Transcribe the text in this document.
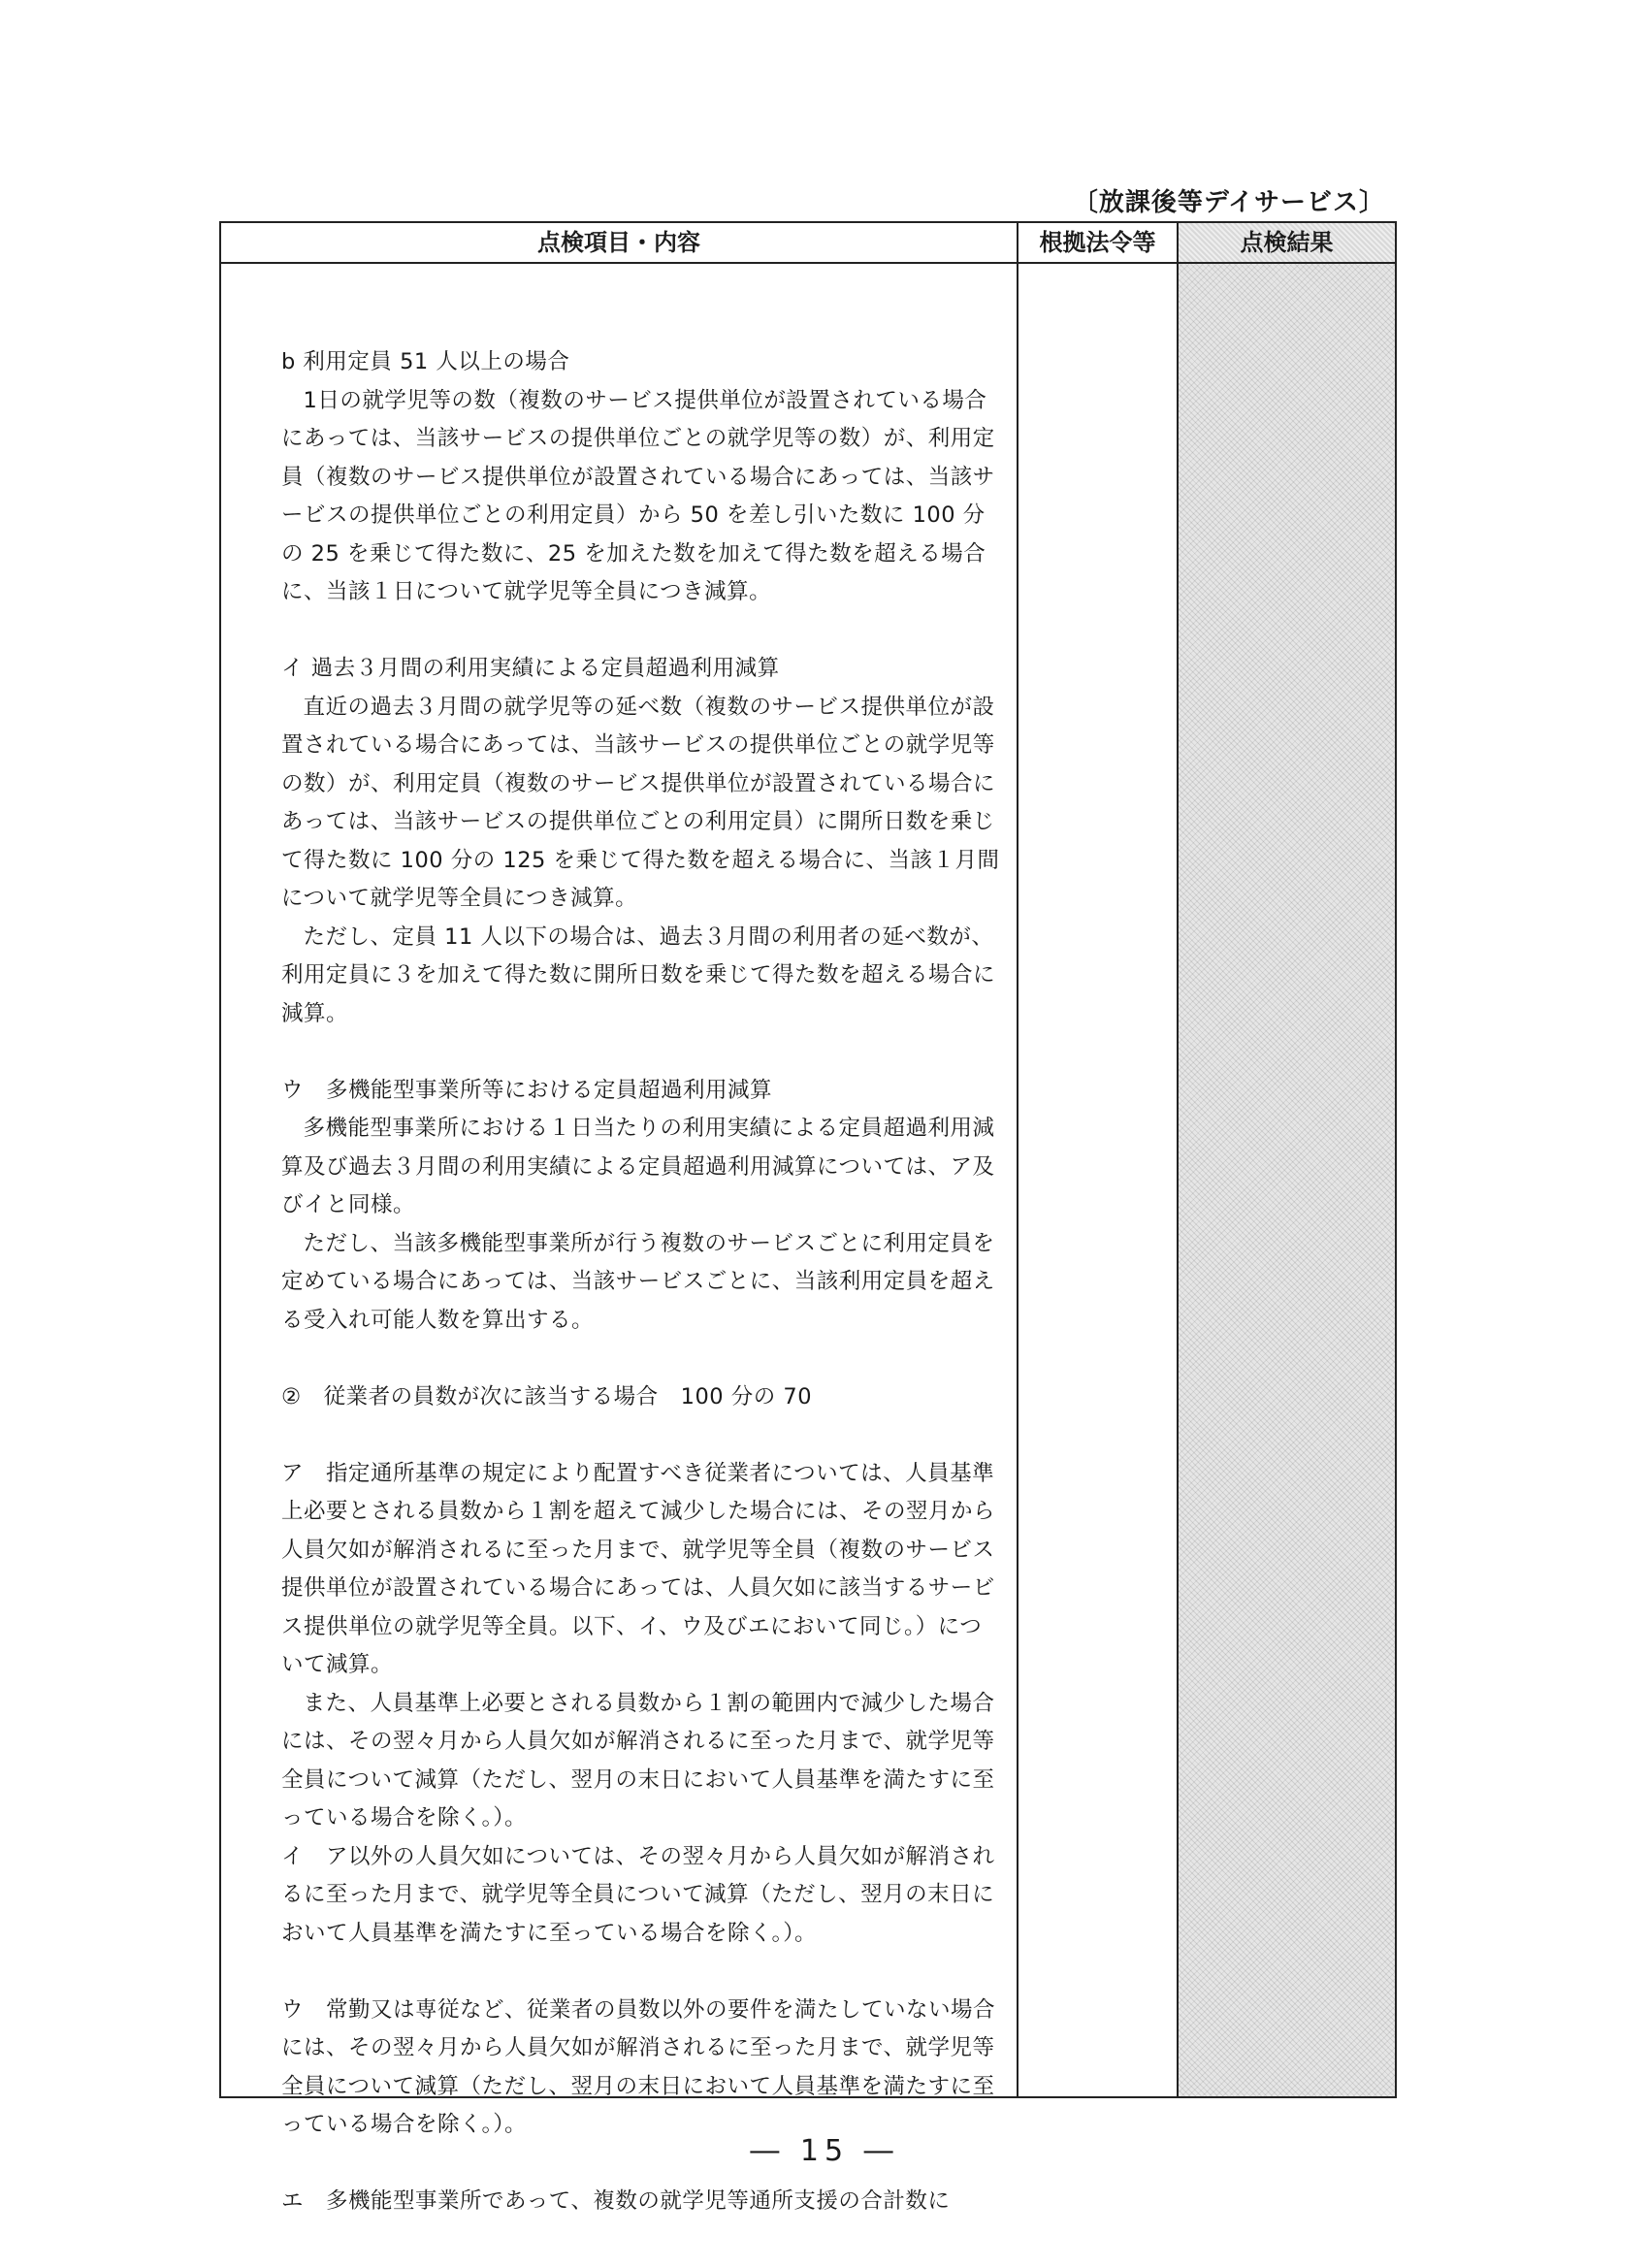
〔放課後等デイサービス〕
点検項目・内容	根拠法令等	点検結果

b 利用定員 51 人以上の場合

1日の就学児等の数（複数のサービス提供単位が設置されている場合にあっては、当該サービスの提供単位ごとの就学児等の数）が、利用定員（複数のサービス提供単位が設置されている場合にあっては、当該サービスの提供単位ごとの利用定員）から 50 を差し引いた数に 100 分の 25 を乗じて得た数に、25 を加えた数を加えて得た数を超える場合に、当該１日について就学児等全員につき減算。

イ 過去３月間の利用実績による定員超過利用減算

直近の過去３月間の就学児等の延べ数（複数のサービス提供単位が設置されている場合にあっては、当該サービスの提供単位ごとの就学児等の数）が、利用定員（複数のサービス提供単位が設置されている場合にあっては、当該サービスの提供単位ごとの利用定員）に開所日数を乗じて得た数に 100 分の 125 を乗じて得た数を超える場合に、当該１月間について就学児等全員につき減算。

ただし、定員 11 人以下の場合は、過去３月間の利用者の延べ数が、利用定員に３を加えて得た数に開所日数を乗じて得た数を超える場合に減算。

ウ　多機能型事業所等における定員超過利用減算

多機能型事業所における１日当たりの利用実績による定員超過利用減算及び過去３月間の利用実績による定員超過利用減算については、ア及びイと同様。

ただし、当該多機能型事業所が行う複数のサービスごとに利用定員を定めている場合にあっては、当該サービスごとに、当該利用定員を超える受入れ可能人数を算出する。

②　従業者の員数が次に該当する場合　100 分の 70

ア　指定通所基準の規定により配置すべき従業者については、人員基準上必要とされる員数から１割を超えて減少した場合には、その翌月から人員欠如が解消されるに至った月まで、就学児等全員（複数のサービス提供単位が設置されている場合にあっては、人員欠如に該当するサービス提供単位の就学児等全員。以下、イ、ウ及びエにおいて同じ。）について減算。

また、人員基準上必要とされる員数から１割の範囲内で減少した場合には、その翌々月から人員欠如が解消されるに至った月まで、就学児等全員について減算（ただし、翌月の末日において人員基準を満たすに至っている場合を除く。）。

イ　ア以外の人員欠如については、その翌々月から人員欠如が解消されるに至った月まで、就学児等全員について減算（ただし、翌月の末日において人員基準を満たすに至っている場合を除く。）。

ウ　常勤又は専従など、従業者の員数以外の要件を満たしていない場合には、その翌々月から人員欠如が解消されるに至った月まで、就学児等全員について減算（ただし、翌月の末日において人員基準を満たすに至っている場合を除く。）。

エ　多機能型事業所であって、複数の就学児等通所支援の合計数に

― 15 ―
